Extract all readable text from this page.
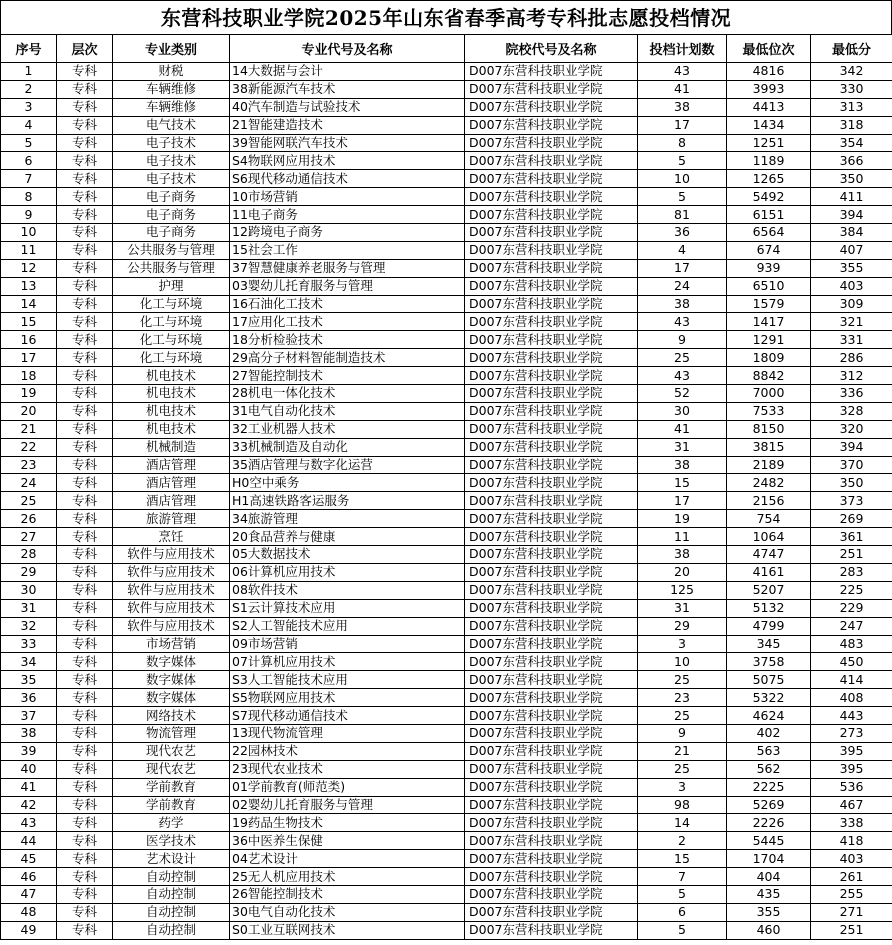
东营科技职业学院2025年山东省春季高考专科批志愿投档情况
序号	层次	专业类别	专业代号及名称	院校代号及名称	投档计划数	最低位次	最低分
1	专科	财税	14大数据与会计	D007东营科技职业学院	43	4816	342
2	专科	车辆维修	38新能源汽车技术	D007东营科技职业学院	41	3993	330
3	专科	车辆维修	40汽车制造与试验技术	D007东营科技职业学院	38	4413	313
4	专科	电气技术	21智能建造技术	D007东营科技职业学院	17	1434	318
5	专科	电子技术	39智能网联汽车技术	D007东营科技职业学院	8	1251	354
6	专科	电子技术	S4物联网应用技术	D007东营科技职业学院	5	1189	366
7	专科	电子技术	S6现代移动通信技术	D007东营科技职业学院	10	1265	350
8	专科	电子商务	10市场营销	D007东营科技职业学院	5	5492	411
9	专科	电子商务	11电子商务	D007东营科技职业学院	81	6151	394
10	专科	电子商务	12跨境电子商务	D007东营科技职业学院	36	6564	384
11	专科	公共服务与管理	15社会工作	D007东营科技职业学院	4	674	407
12	专科	公共服务与管理	37智慧健康养老服务与管理	D007东营科技职业学院	17	939	355
13	专科	护理	03婴幼儿托育服务与管理	D007东营科技职业学院	24	6510	403
14	专科	化工与环境	16石油化工技术	D007东营科技职业学院	38	1579	309
15	专科	化工与环境	17应用化工技术	D007东营科技职业学院	43	1417	321
16	专科	化工与环境	18分析检验技术	D007东营科技职业学院	9	1291	331
17	专科	化工与环境	29高分子材料智能制造技术	D007东营科技职业学院	25	1809	286
18	专科	机电技术	27智能控制技术	D007东营科技职业学院	43	8842	312
19	专科	机电技术	28机电一体化技术	D007东营科技职业学院	52	7000	336
20	专科	机电技术	31电气自动化技术	D007东营科技职业学院	30	7533	328
21	专科	机电技术	32工业机器人技术	D007东营科技职业学院	41	8150	320
22	专科	机械制造	33机械制造及自动化	D007东营科技职业学院	31	3815	394
23	专科	酒店管理	35酒店管理与数字化运营	D007东营科技职业学院	38	2189	370
24	专科	酒店管理	H0空中乘务	D007东营科技职业学院	15	2482	350
25	专科	酒店管理	H1高速铁路客运服务	D007东营科技职业学院	17	2156	373
26	专科	旅游管理	34旅游管理	D007东营科技职业学院	19	754	269
27	专科	烹饪	20食品营养与健康	D007东营科技职业学院	11	1064	361
28	专科	软件与应用技术	05大数据技术	D007东营科技职业学院	38	4747	251
29	专科	软件与应用技术	06计算机应用技术	D007东营科技职业学院	20	4161	283
30	专科	软件与应用技术	08软件技术	D007东营科技职业学院	125	5207	225
31	专科	软件与应用技术	S1云计算技术应用	D007东营科技职业学院	31	5132	229
32	专科	软件与应用技术	S2人工智能技术应用	D007东营科技职业学院	29	4799	247
33	专科	市场营销	09市场营销	D007东营科技职业学院	3	345	483
34	专科	数字媒体	07计算机应用技术	D007东营科技职业学院	10	3758	450
35	专科	数字媒体	S3人工智能技术应用	D007东营科技职业学院	25	5075	414
36	专科	数字媒体	S5物联网应用技术	D007东营科技职业学院	23	5322	408
37	专科	网络技术	S7现代移动通信技术	D007东营科技职业学院	25	4624	443
38	专科	物流管理	13现代物流管理	D007东营科技职业学院	9	402	273
39	专科	现代农艺	22园林技术	D007东营科技职业学院	21	563	395
40	专科	现代农艺	23现代农业技术	D007东营科技职业学院	25	562	395
41	专科	学前教育	01学前教育(师范类)	D007东营科技职业学院	3	2225	536
42	专科	学前教育	02婴幼儿托育服务与管理	D007东营科技职业学院	98	5269	467
43	专科	药学	19药品生物技术	D007东营科技职业学院	14	2226	338
44	专科	医学技术	36中医养生保健	D007东营科技职业学院	2	5445	418
45	专科	艺术设计	04艺术设计	D007东营科技职业学院	15	1704	403
46	专科	自动控制	25无人机应用技术	D007东营科技职业学院	7	404	261
47	专科	自动控制	26智能控制技术	D007东营科技职业学院	5	435	255
48	专科	自动控制	30电气自动化技术	D007东营科技职业学院	6	355	271
49	专科	自动控制	S0工业互联网技术	D007东营科技职业学院	5	460	251
